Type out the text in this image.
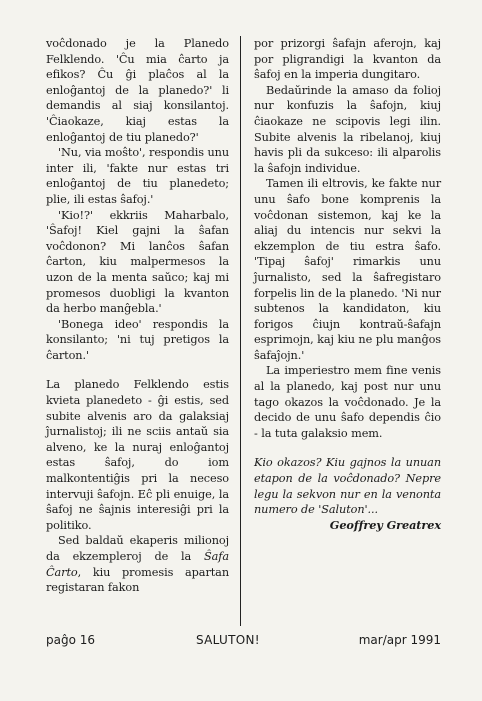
voĉdonado je la Planedo Felklendo. 'Ĉu mia ĉarto ja efikos? Ĉu ĝi plaĉos al la enloĝantoj de la planedo?' li demandis al siaj konsilantoj. 'Ĉiaokaze, kiaj estas la enloĝantoj de tiu planedo?'

'Nu, via moŝto', respondis unu inter ili, 'fakte nur estas tri enloĝantoj de tiu planedeto; plie, ili estas ŝafoj.'

'Kio!?' ekkriis Maharbalo, 'Ŝafoj! Kiel gajni la ŝafan voĉdonon? Mi lanĉos ŝafan ĉarton, kiu malpermesos la uzon de la menta saŭco; kaj mi promesos duobligi la kvanton da herbo manĝebla.'

'Bonega ideo' respondis la konsilanto; 'ni tuj pretigos la ĉarton.'

La planedo Felklendo estis kvieta planedeto - ĝi estis, sed subite alvenis aro da galaksiaj ĵurnalistoj; ili ne sciis antaŭ sia alveno, ke la nuraj enloĝantoj estas ŝafoj, do iom malkontentiĝis pri la neceso intervuji ŝafojn. Eĉ pli enuige, la ŝafoj ne ŝajnis interesiĝi pri la politiko.

Sed baldaŭ ekaperis milionoj da ekzempleroj de la Ŝafa Ĉarto, kiu promesis apartan registaran fakon

por prizorgi ŝafajn aferojn, kaj por pligrandigi la kvanton da ŝafoj en la imperia dungitaro.

Bedaŭrinde la amaso da folioj nur konfuzis la ŝafojn, kiuj ĉiaokaze ne scipovis legi ilin. Subite alvenis la ribelanoj, kiuj havis pli da sukceso: ili alparolis la ŝafojn individue.

Tamen ili eltrovis, ke fakte nur unu ŝafo bone komprenis la voĉdonan sistemon, kaj ke la aliaj du intencis nur sekvi la ekzemplon de tiu estra ŝafo. 'Tipaj ŝafoj' rimarkis unu ĵurnalisto, sed la ŝafregistaro forpelis lin de la planedo. 'Ni nur subtenos la kandidaton, kiu forigos ĉiujn kontraŭ-ŝafajn esprimojn, kaj kiu ne plu manĝos ŝafaĵojn.'

La imperiestro mem fine venis al la planedo, kaj post nur unu tago okazos la voĉdonado. Je la decido de unu ŝafo dependis ĉio - la tuta galaksio mem.

Kio okazos? Kiu gajnos la unuan etapon de la voĉdonado? Nepre legu la sekvon nur en la venonta numero de 'Saluton'...

Geoffrey Greatrex

paĝo 16	SALUTON!	mar/apr 1991
